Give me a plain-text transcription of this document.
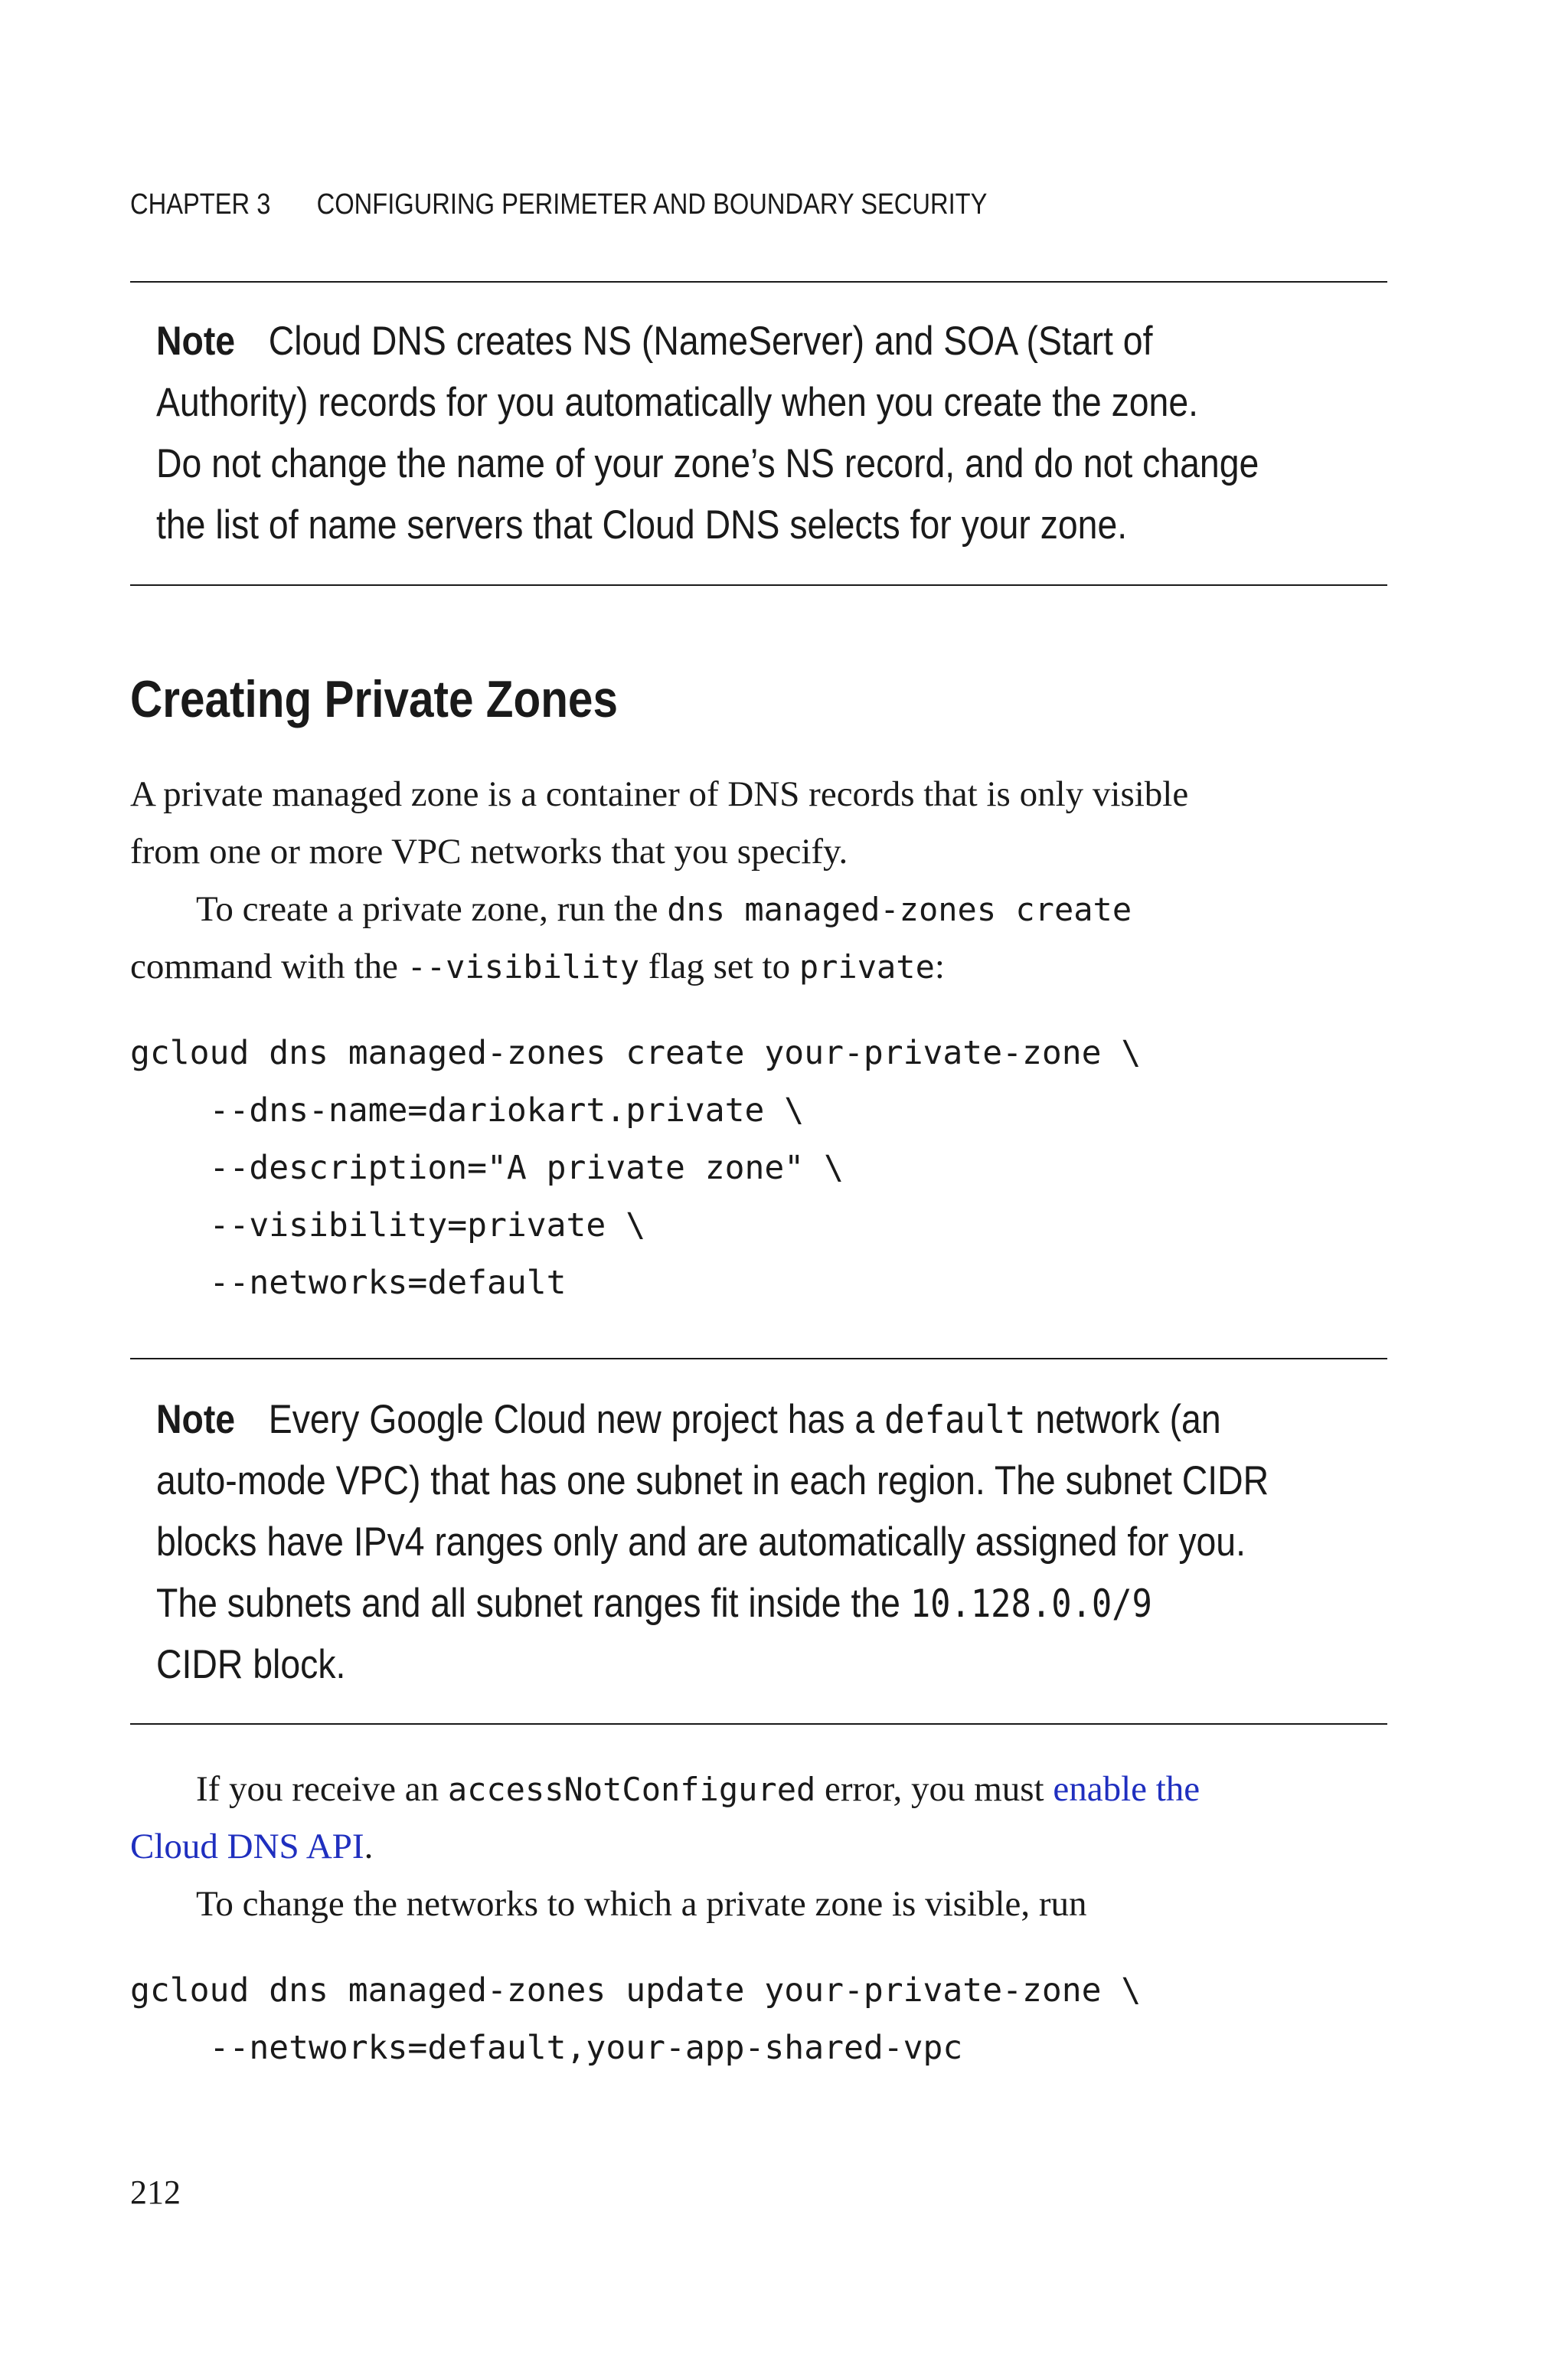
CHAPTER 3 CONFIGURING PERIMETER AND BOUNDARY SECURITY
Note Cloud DNS creates NS (NameServer) and SOA (Start of
Authority) records for you automatically when you create the zone.
Do not change the name of your zone’s NS record, and do not change
the list of name servers that Cloud DNS selects for your zone.
Creating Private Zones
A private managed zone is a container of DNS records that is only visible
from one or more VPC networks that you specify.
To create a private zone, run the dns managed-zones create
command with the --visibility flag set to private:
gcloud dns managed-zones create your-private-zone \
--dns-name=dariokart.private \
--description="A private zone" \
--visibility=private \
--networks=default
Note Every Google Cloud new project has a default network (an
auto-mode VPC) that has one subnet in each region. The subnet CIDR
blocks have IPv4 ranges only and are automatically assigned for you.
The subnets and all subnet ranges fit inside the 10.128.0.0/9
CIDR block.
If you receive an accessNotConfigured error, you must enable the
Cloud DNS API.
To change the networks to which a private zone is visible, run
gcloud dns managed-zones update your-private-zone \
--networks=default,your-app-shared-vpc
212
